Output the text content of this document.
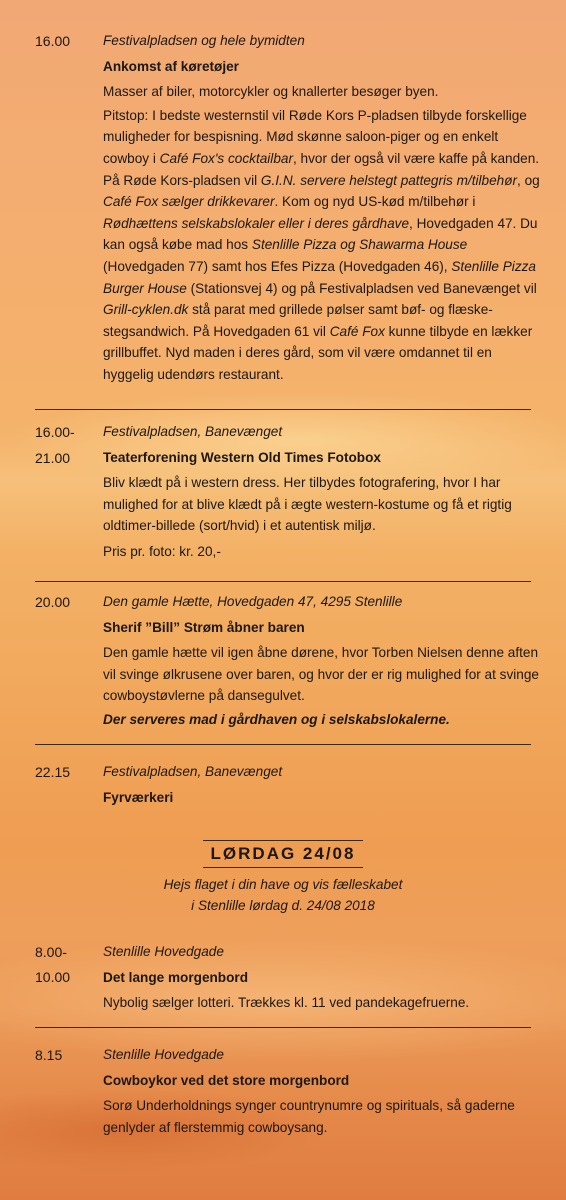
16.00 Festivalpladsen og hele bymidten
Ankomst af køretøjer
Masser af biler, motorcykler og knallerter besøger byen.
Pitstop: I bedste westernstil vil Røde Kors P-pladsen tilbyde forskellige muligheder for bespisning. Mød skønne saloon-piger og en enkelt cowboy i Café Fox's cocktailbar, hvor der også vil være kaffe på kanden. På Røde Kors-pladsen vil G.I.N. servere helstegt pattegris m/tilbehør, og Café Fox sælger drikkevarer. Kom og nyd US-kød m/tilbehør i Rødhættens selskabslokaler eller i deres gårdhave, Hovedgaden 47. Du kan også købe mad hos Stenlille Pizza og Shawarma House (Hovedgaden 77) samt hos Efes Pizza (Hovedgaden 46), Stenlille Pizza Burger House (Stationsvej 4) og på Festivalpladsen ved Banevænget vil Grill-cyklen.dk stå parat med grillede pølser samt bøf- og flæske-stegsandwich. På Hovedgaden 61 vil Café Fox kunne tilbyde en lækker grillbuffet. Nyd maden i deres gård, som vil være omdannet til en hyggelig udendørs restaurant.
16.00-
21.00
Festivalpladsen, Banevænget
Teaterforening Western Old Times Fotobox
Bliv klædt på i western dress. Her tilbydes fotografering, hvor I har mulighed for at blive klædt på i ægte western-kostume og få et rigtig oldtimer-billede (sort/hvid) i et autentisk miljø.
Pris pr. foto: kr. 20,-
20.00 Den gamle Hætte, Hovedgaden 47, 4295 Stenlille
Sherif ”Bill” Strøm åbner baren
Den gamle hætte vil igen åbne dørene, hvor Torben Nielsen denne aften vil svinge ølkrusene over baren, og hvor der er rig mulighed for at svinge cowboystøvlerne på dansegulvet.
Der serveres mad i gårdhaven og i selskabslokalerne.
22.15 Festivalpladsen, Banevænget
Fyrværkeri
LØRDAG 24/08
Hejs flaget i din have og vis fælleskabet
i Stenlille lørdag d. 24/08 2018
8.00-
10.00
Stenlille Hovedgade
Det lange morgenbord
Nybolig sælger lotteri. Trækkes kl. 11 ved pandekagefruerne.
8.15	Stenlille Hovedgade
Cowboykor ved det store morgenbord
Sorø Underholdnings synger countrynumre og spirituals, så gaderne genlyder af flerstemmig cowboysang.
